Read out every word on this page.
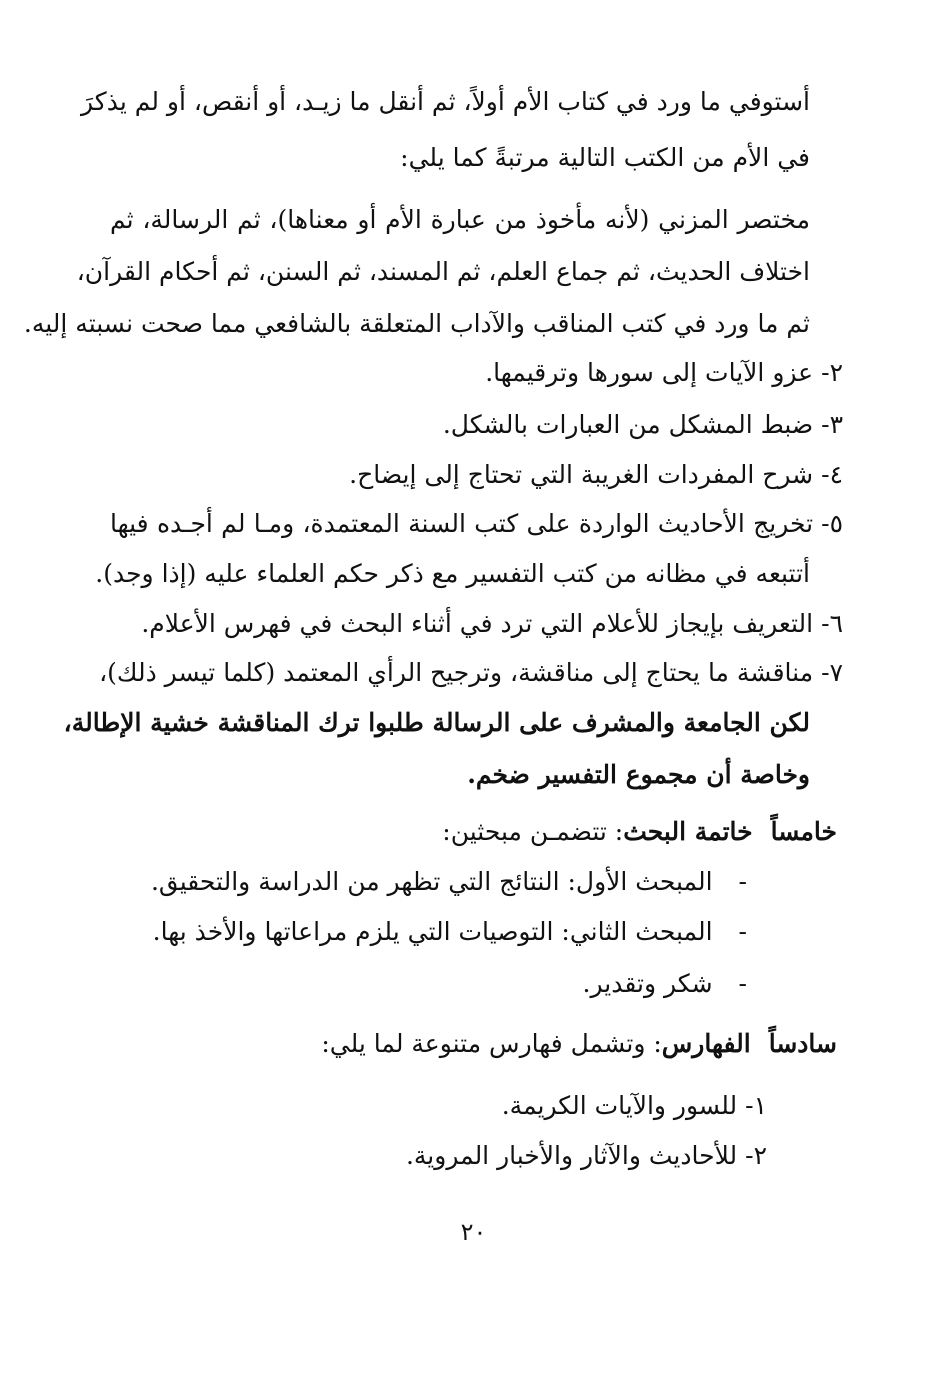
أستوفي ما ورد في كتاب الأم أولاً، ثم أنقل ما زيـد، أو أنقص، أو لم يذكرَ
في الأم من الكتب التالية مرتبةً كما يلي:
مختصر المزني (لأنه مأخوذ من عبارة الأم أو معناها)، ثم الرسالة، ثم
اختلاف الحديث، ثم جماع العلم، ثم المسند، ثم السنن، ثم أحكام القرآن،
ثم ما ورد في كتب المناقب والآداب المتعلقة بالشافعي مما صحت نسبته إليه.
٢-عزو الآيات إلى سورها وترقيمها.
٣-ضبط المشكل من العبارات بالشكل.
٤-شرح المفردات الغريبة التي تحتاج إلى إيضاح.
٥-
تخريج الأحاديث الواردة على كتب السنة المعتمدة، ومـا لم أجـده فيها
أتتبعه في مظانه من كتب التفسير مع ذكر حكم العلماء عليه (إذا وجد).
٦-التعريف بإيجاز للأعلام التي ترد في أثناء البحث في فهرس الأعلام.
٧-
مناقشة ما يحتاج إلى مناقشة، وترجيح الرأي المعتمد (كلما تيسر ذلك)،
لكن الجامعة والمشرف على الرسالة طلبوا ترك المناقشة خشية الإطالة،
وخاصة أن مجموع التفسير ضخم.
خامساًخاتمة البحث: تتضمـن مبحثين:
-المبحث الأول: النتائج التي تظهر من الدراسة والتحقيق.
-المبحث الثاني: التوصيات التي يلزم مراعاتها والأخذ بها.
-شكر وتقدير.
سادساًالفهارس: وتشمل فهارس متنوعة لما يلي:
١-للسور والآيات الكريمة.
٢-للأحاديث والآثار والأخبار المروية.
٢٠
